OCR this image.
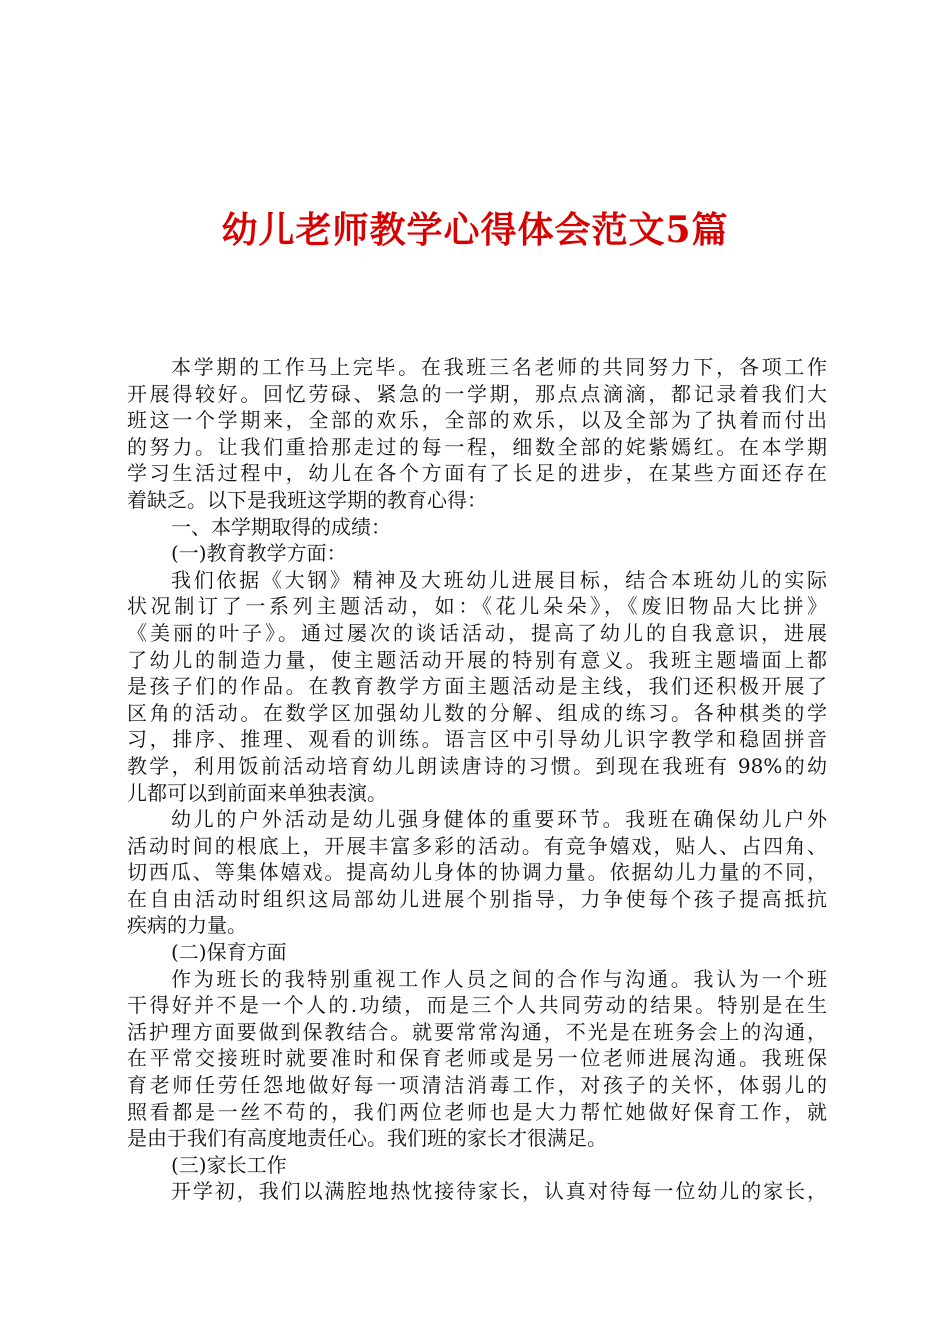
幼儿老师教学心得体会范文5篇
本学期的工作马上完毕。在我班三名老师的共同努力下，各项工作
开展得较好。回忆劳碌、紧急的一学期，那点点滴滴，都记录着我们大
班这一个学期来，全部的欢乐，全部的欢乐，以及全部为了执着而付出
的努力。让我们重拾那走过的每一程，细数全部的姹紫嫣红。在本学期
学习生活过程中，幼儿在各个方面有了长足的进步，在某些方面还存在
着缺乏。以下是我班这学期的教育心得：
一、本学期取得的成绩：
(一)教育教学方面：
我们依据《大钢》精神及大班幼儿进展目标，结合本班幼儿的实际
状况制订了一系列主题活动，如：《花儿朵朵》，《废旧物品大比拼》
《美丽的叶子》。通过屡次的谈话活动，提高了幼儿的自我意识，进展
了幼儿的制造力量，使主题活动开展的特别有意义。我班主题墙面上都
是孩子们的作品。在教育教学方面主题活动是主线，我们还积极开展了
区角的活动。在数学区加强幼儿数的分解、组成的练习。各种棋类的学
习，排序、推理、观看的训练。语言区中引导幼儿识字教学和稳固拼音
教学，利用饭前活动培育幼儿朗读唐诗的习惯。到现在我班有 98%的幼
儿都可以到前面来单独表演。
幼儿的户外活动是幼儿强身健体的重要环节。我班在确保幼儿户外
活动时间的根底上，开展丰富多彩的活动。有竞争嬉戏，贴人、占四角、
切西瓜、等集体嬉戏。提高幼儿身体的协调力量。依据幼儿力量的不同，
在自由活动时组织这局部幼儿进展个别指导，力争使每个孩子提高抵抗
疾病的力量。
(二)保育方面
作为班长的我特别重视工作人员之间的合作与沟通。我认为一个班
干得好并不是一个人的.功绩，而是三个人共同劳动的结果。特别是在生
活护理方面要做到保教结合。就要常常沟通，不光是在班务会上的沟通，
在平常交接班时就要准时和保育老师或是另一位老师进展沟通。我班保
育老师任劳任怨地做好每一项清洁消毒工作，对孩子的关怀，体弱儿的
照看都是一丝不苟的，我们两位老师也是大力帮忙她做好保育工作，就
是由于我们有高度地责任心。我们班的家长才很满足。
(三)家长工作
开学初，我们以满腔地热忱接待家长，认真对待每一位幼儿的家长，
